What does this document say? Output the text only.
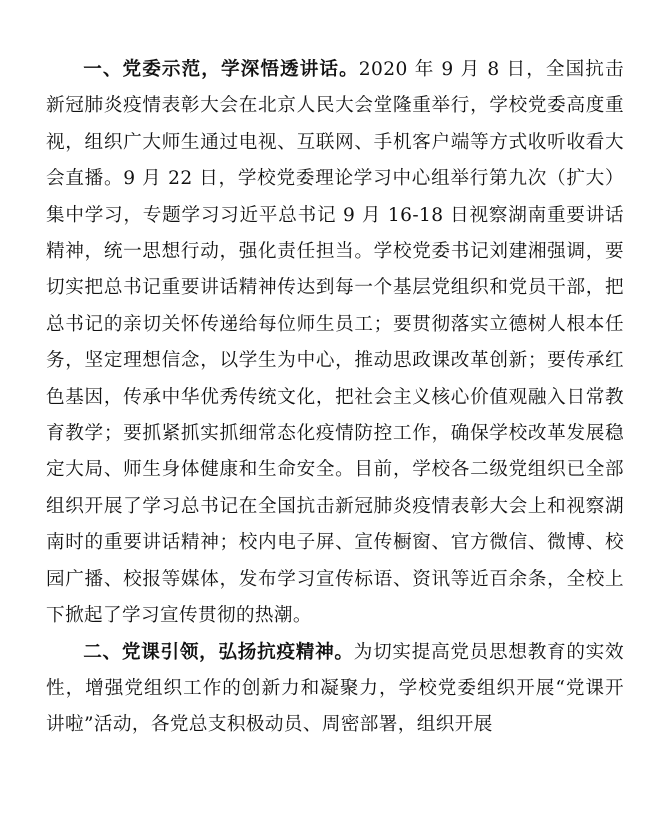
一、党委示范，学深悟透讲话。2020 年 9 月 8 日，全国抗击新冠肺炎疫情表彰大会在北京人民大会堂隆重举行，学校党委高度重视，组织广大师生通过电视、互联网、手机客户端等方式收听收看大会直播。9 月 22 日，学校党委理论学习中心组举行第九次（扩大）集中学习，专题学习习近平总书记 9 月 16-18 日视察湖南重要讲话精神，统一思想行动，强化责任担当。学校党委书记刘建湘强调，要切实把总书记重要讲话精神传达到每一个基层党组织和党员干部，把总书记的亲切关怀传递给每位师生员工；要贯彻落实立德树人根本任务，坚定理想信念，以学生为中心，推动思政课改革创新；要传承红色基因，传承中华优秀传统文化，把社会主义核心价值观融入日常教育教学；要抓紧抓实抓细常态化疫情防控工作，确保学校改革发展稳定大局、师生身体健康和生命安全。目前，学校各二级党组织已全部组织开展了学习总书记在全国抗击新冠肺炎疫情表彰大会上和视察湖南时的重要讲话精神；校内电子屏、宣传橱窗、官方微信、微博、校园广播、校报等媒体，发布学习宣传标语、资讯等近百余条，全校上下掀起了学习宣传贯彻的热潮。

二、党课引领，弘扬抗疫精神。为切实提高党员思想教育的实效性，增强党组织工作的创新力和凝聚力，学校党委组织开展“党课开讲啦”活动，各党总支积极动员、周密部署，组织开展
